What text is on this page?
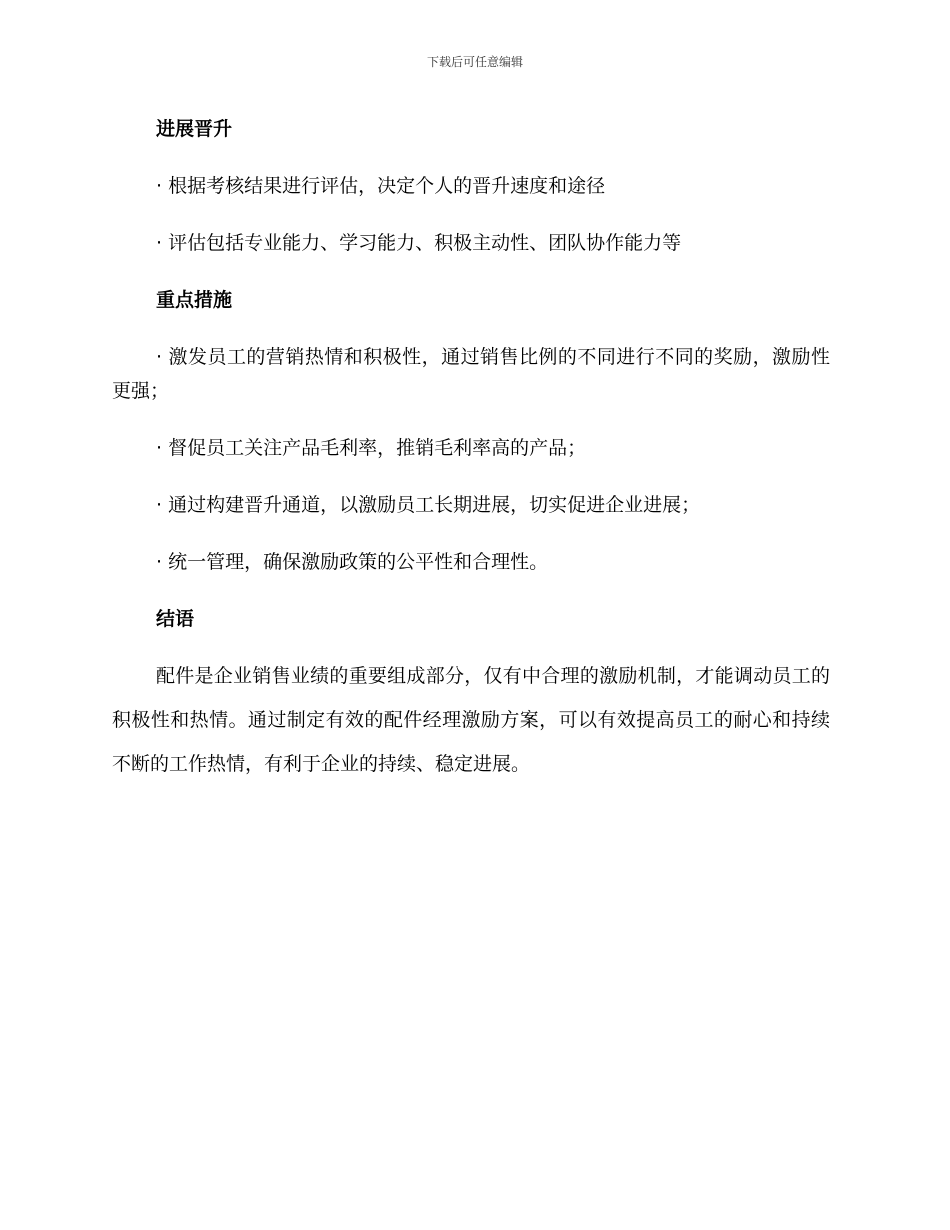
下载后可任意编辑
进展晋升
· 根据考核结果进行评估，决定个人的晋升速度和途径
· 评估包括专业能力、学习能力、积极主动性、团队协作能力等
重点措施
· 激发员工的营销热情和积极性，通过销售比例的不同进行不同的奖励，激励性更强；
· 督促员工关注产品毛利率，推销毛利率高的产品；
· 通过构建晋升通道，以激励员工长期进展，切实促进企业进展；
· 统一管理，确保激励政策的公平性和合理性。
结语
配件是企业销售业绩的重要组成部分，仅有中合理的激励机制，才能调动员工的积极性和热情。通过制定有效的配件经理激励方案，可以有效提高员工的耐心和持续不断的工作热情，有利于企业的持续、稳定进展。
